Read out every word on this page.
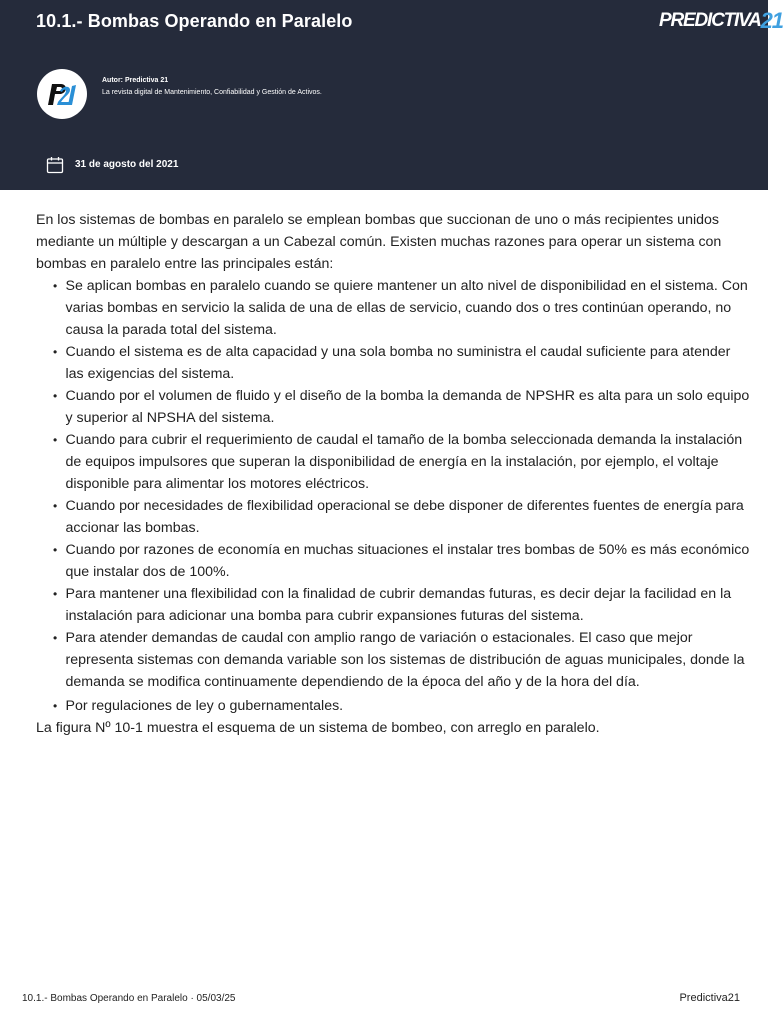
10.1.- Bombas Operando en Paralelo	PREDICTIVA 21
Autor: Predictiva 21
La revista digital de Mantenimiento, Confiabilidad y Gestión de Activos.
31 de agosto del 2021

En los sistemas de bombas en paralelo se emplean bombas que succionan de uno o más recipientes unidos mediante un múltiple y descargan a un Cabezal común. Existen muchas razones para operar un sistema con bombas en paralelo entre las principales están:

• Se aplican bombas en paralelo cuando se quiere mantener un alto nivel de disponibilidad en el sistema. Con varias bombas en servicio la salida de una de ellas de servicio, cuando dos o tres continúan operando, no causa la parada total del sistema.
• Cuando el sistema es de alta capacidad y una sola bomba no suministra el caudal suficiente para atender las exigencias del sistema.
• Cuando por el volumen de fluido y el diseño de la bomba la demanda de NPSHR es alta para un solo equipo y superior al NPSHA del sistema.
• Cuando para cubrir el requerimiento de caudal el tamaño de la bomba seleccionada demanda la instalación de equipos impulsores que superan la disponibilidad de energía en la instalación, por ejemplo, el voltaje disponible para alimentar los motores eléctricos.
• Cuando por necesidades de flexibilidad operacional se debe disponer de diferentes fuentes de energía para accionar las bombas.
• Cuando por razones de economía en muchas situaciones el instalar tres bombas de 50% es más económico que instalar dos de 100%.
• Para mantener una flexibilidad con la finalidad de cubrir demandas futuras, es decir dejar la facilidad en la instalación para adicionar una bomba para cubrir expansiones futuras del sistema.
• Para atender demandas de caudal con amplio rango de variación o estacionales. El caso que mejor representa sistemas con demanda variable son los sistemas de distribución de aguas municipales, donde la demanda se modifica continuamente dependiendo de la época del año y de la hora del día.
• Por regulaciones de ley o gubernamentales.

La figura Nº 10-1 muestra el esquema de un sistema de bombeo, con arreglo en paralelo.

10.1.- Bombas Operando en Paralelo · 05/03/25	Predictiva21
